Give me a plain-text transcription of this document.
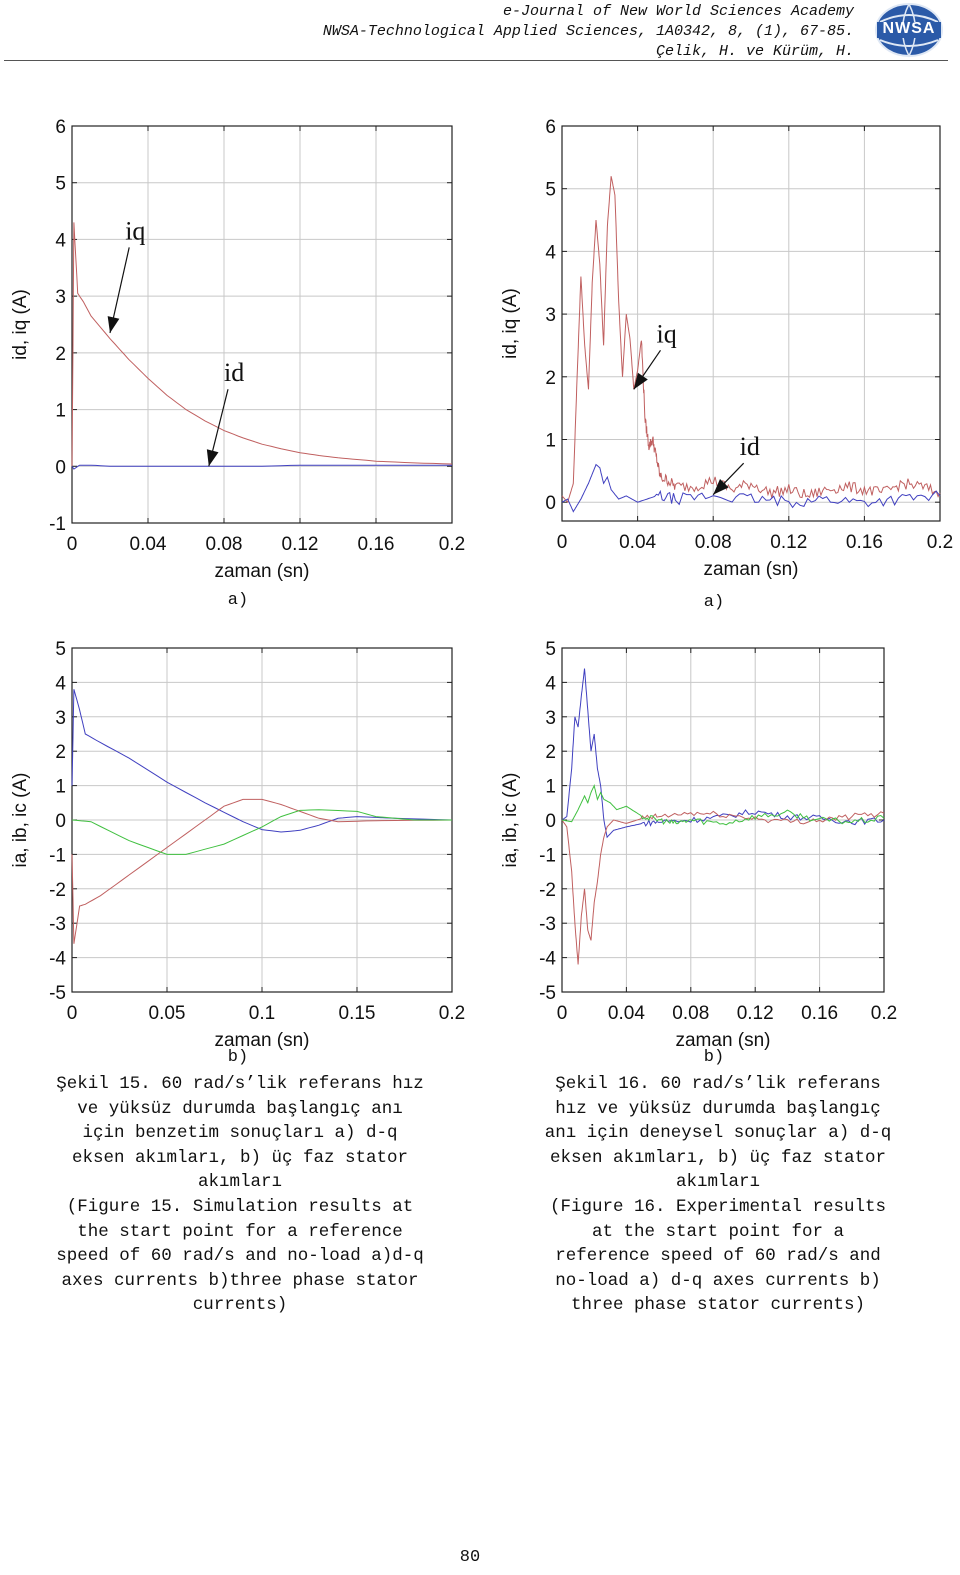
e-Journal of New World Sciences Academy
NWSA-Technological Applied Sciences, 1A0342, 8, (1), 67-85.
Çelik, H. ve Kürüm, H.
NWSA
0	0.04 0.08 0.12 0.16 0.2
-1
0
1
2
3
4
5
6
zaman (sn)
id, iq (A)
iq
id
0	0.04 0.08 0.12 0.16 0.2
0
1
2
3
4
5
6
zaman (sn)
id, iq (A)	iq
id
0	0.05	0.1	0.15	0.2
-5
-4
-3
-2
-1
0
1
2
3
4
5
zaman (sn)
ia, ib, ic (A)
0 0.04 0.08 0.12 0.16 0.2
-5
-4
-3
-2
-1
0
1
2
3
4
5
zaman (sn)
ia, ib, ic (A)
a)	a)
b)	b)
Şekil 15. 60 rad/s’lik referans hız
ve yüksüz durumda başlangıç anı
için benzetim sonuçları a) d-q
eksen akımları, b) üç faz stator
akımları
(Figure 15. Simulation results at
the start point for a reference
speed of 60 rad/s and no-load a)d-q
axes currents b)three phase stator
currents)
Şekil 16. 60 rad/s’lik referans
hız ve yüksüz durumda başlangıç
anı için deneysel sonuçlar a) d-q
eksen akımları, b) üç faz stator
akımları
(Figure 16. Experimental results
at the start point for a
reference speed of 60 rad/s and
no-load a) d-q axes currents b)
three phase stator currents)
80
